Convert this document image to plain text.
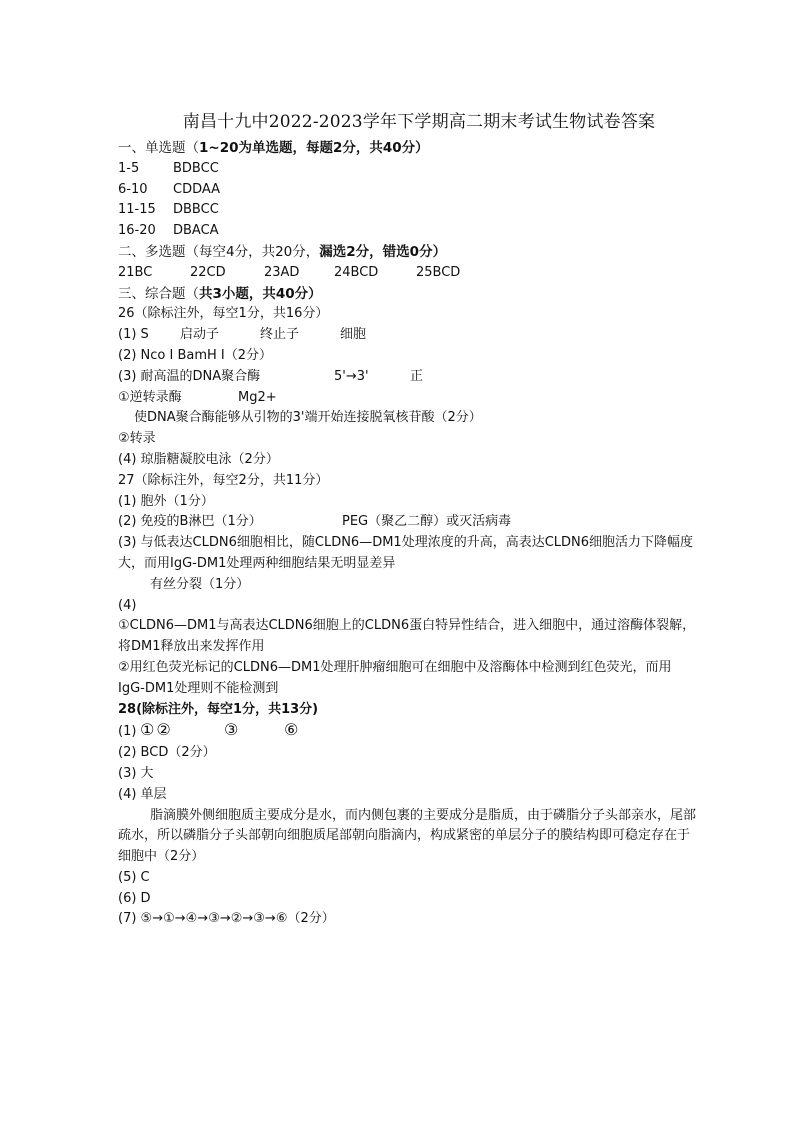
南昌十九中2022-2023学年下学期高二期末考试生物试卷答案
一、单选题（1~20为单选题，每题2分，共40分）
1-5	BDBCC
6-10 CDDAA
11-15 DBBCC
16-20 DBACA
二、多选题（每空4分，共20分，漏选2分，错选0分）
21BC	22CD	23AD	24BCD	25BCD
三、综合题（共3小题，共40分）
26（除标注外，每空1分，共16分）
(1) S 启动子	终止子	细胞
(2) Nco Ⅰ BamH I（2分）
(3) 耐高温的DNA聚合酶	5'→3'	正
①逆转录酶	Mg2+
使DNA聚合酶能够从引物的3'端开始连接脱氧核苷酸（2分）
②转录
(4) 琼脂糖凝胶电泳（2分）
27（除标注外，每空2分，共11分）
(1) 胞外（1分）
(2) 免疫的B淋巴（1分）	PEG（聚乙二醇）或灭活病毒
(3) 与低表达CLDN6细胞相比，随CLDN6—DM1处理浓度的升高，高表达CLDN6细胞活力下降幅度大，而用IgG-DM1处理两种细胞结果无明显差异
有丝分裂（1分）
(4)
①CLDN6—DM1与高表达CLDN6细胞上的CLDN6蛋白特异性结合，进入细胞中，通过溶酶体裂解，将DM1释放出来发挥作用
②用红色荧光标记的CLDN6—DM1处理肝肿瘤细胞可在细胞中及溶酶体中检测到红色荧光，而用IgG-DM1处理则不能检测到
28(除标注外，每空1分，共13分)
(1) ①②	③	⑥
(2) BCD（2分）
(3) 大
(4) 单层
脂滴膜外侧细胞质主要成分是水，而内侧包裹的主要成分是脂质，由于磷脂分子头部亲水，尾部疏水，所以磷脂分子头部朝向细胞质尾部朝向脂滴内，构成紧密的单层分子的膜结构即可稳定存在于细胞中（2分）
(5) C
(6) D
(7) ⑤→①→④→③→②→③→⑥（2分）
